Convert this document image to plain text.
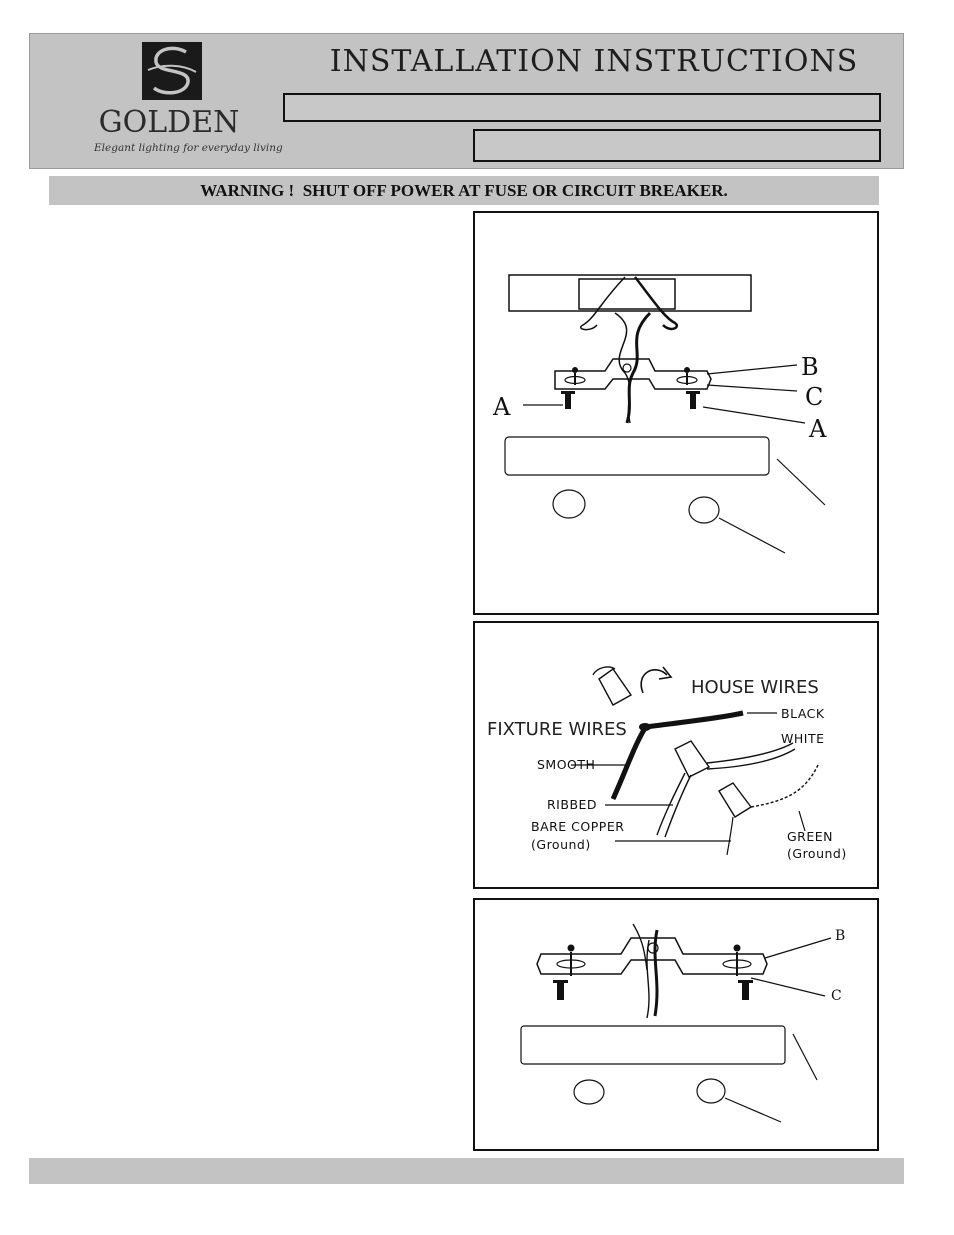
GOLDEN
Elegant lighting for everyday living
INSTALLATION INSTRUCTIONS
WARNING !  SHUT OFF POWER AT FUSE OR CIRCUIT BREAKER.
B
C
A
A
HOUSE WIRES
FIXTURE WIRES
BLACK
WHITE
SMOOTH
RIBBED
BARE COPPER
(Ground)
GREEN
(Ground)
B
C
